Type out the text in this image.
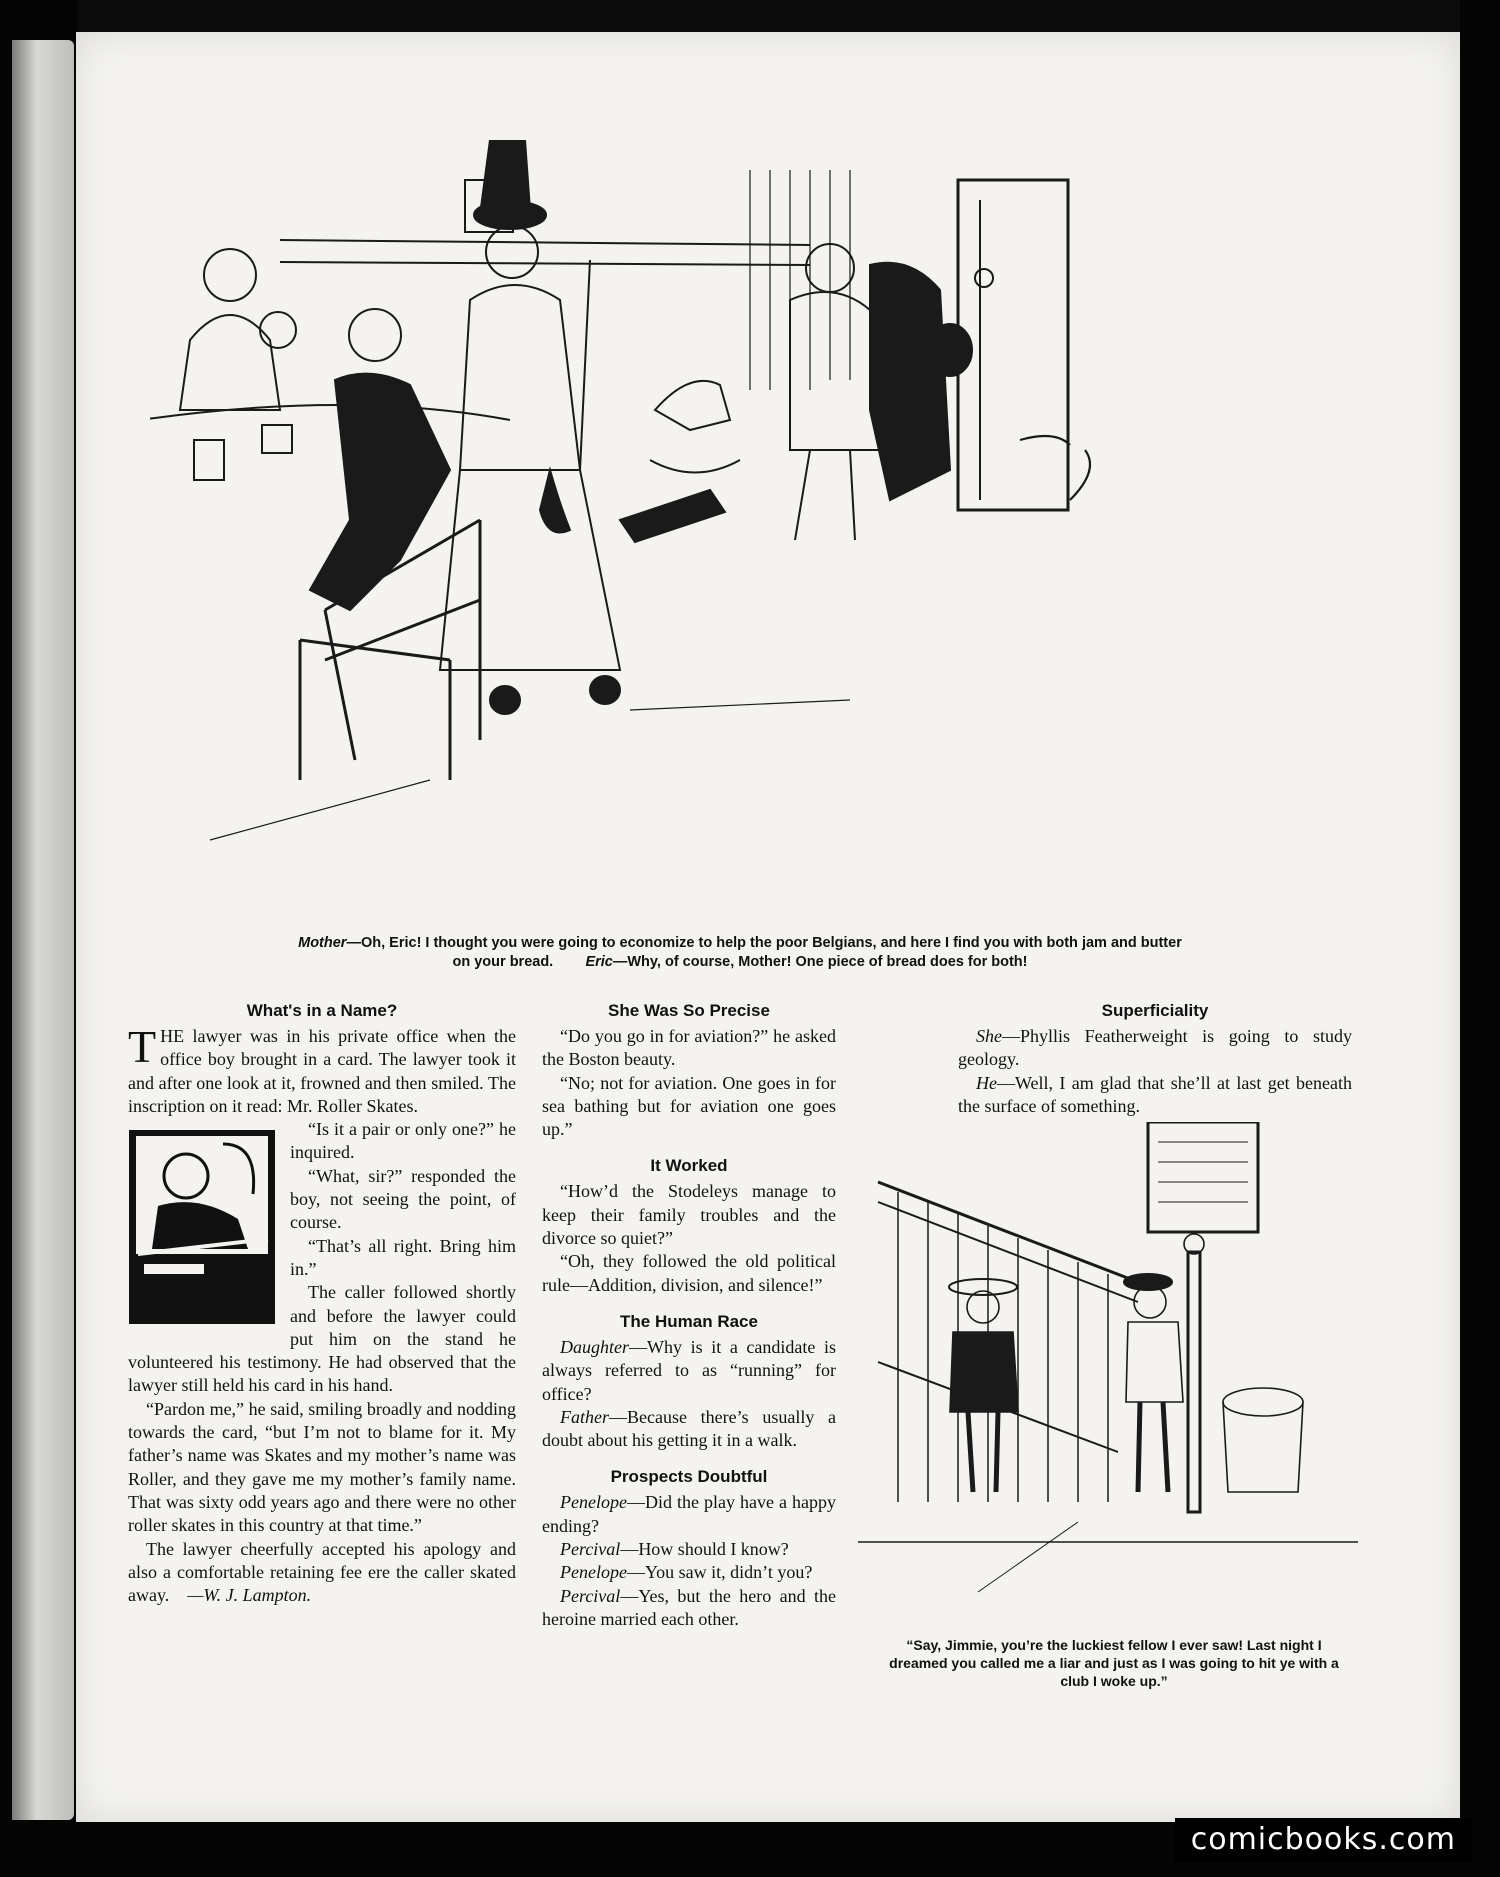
Mother—Oh, Eric! I thought you were going to economize to help the poor Belgians, and here I find you with both jam and butter
on your bread. Eric—Why, of course, Mother! One piece of bread does for both!
What's in a Name?

THE lawyer was in his private office when the office boy brought in a card. The lawyer took it and after one look at it, frowned and then smiled. The inscription on it read: Mr. Roller Skates.

“Is it a pair or only one?” he inquired.

“What, sir?” responded the boy, not seeing the point, of course.

“That’s all right. Bring him in.”

The caller followed shortly and before the lawyer could put him on the stand he volunteered his testimony. He had observed that the lawyer still held his card in his hand.

“Pardon me,” he said, smiling broadly and nodding towards the card, “but I’m not to blame for it. My father’s name was Skates and my mother’s name was Roller, and they gave me my mother’s family name. That was sixty odd years ago and there were no other roller skates in this country at that time.”

The lawyer cheerfully accepted his apology and also a comfortable retaining fee ere the caller skated away. —W. J. Lampton.

She Was So Precise

“Do you go in for aviation?” he asked the Boston beauty.

“No; not for aviation. One goes in for sea bathing but for aviation one goes up.”

It Worked

“How’d the Stodeleys manage to keep their family troubles and the divorce so quiet?”

“Oh, they followed the old political rule—Addition, division, and silence!”

The Human Race

Daughter—Why is it a candidate is always referred to as “running” for office?

Father—Because there’s usually a doubt about his getting it in a walk.

Prospects Doubtful

Penelope—Did the play have a happy ending?

Percival—How should I know?

Penelope—You saw it, didn’t you?

Percival—Yes, but the hero and the heroine married each other.

Superficiality

She—Phyllis Featherweight is going to study geology.

He—Well, I am glad that she’ll at last get beneath the surface of something.

“Say, Jimmie, you’re the luckiest fellow I ever saw! Last night I dreamed you called me a liar and just as I was going to hit ye with a club I woke up.”
comicbooks.com
